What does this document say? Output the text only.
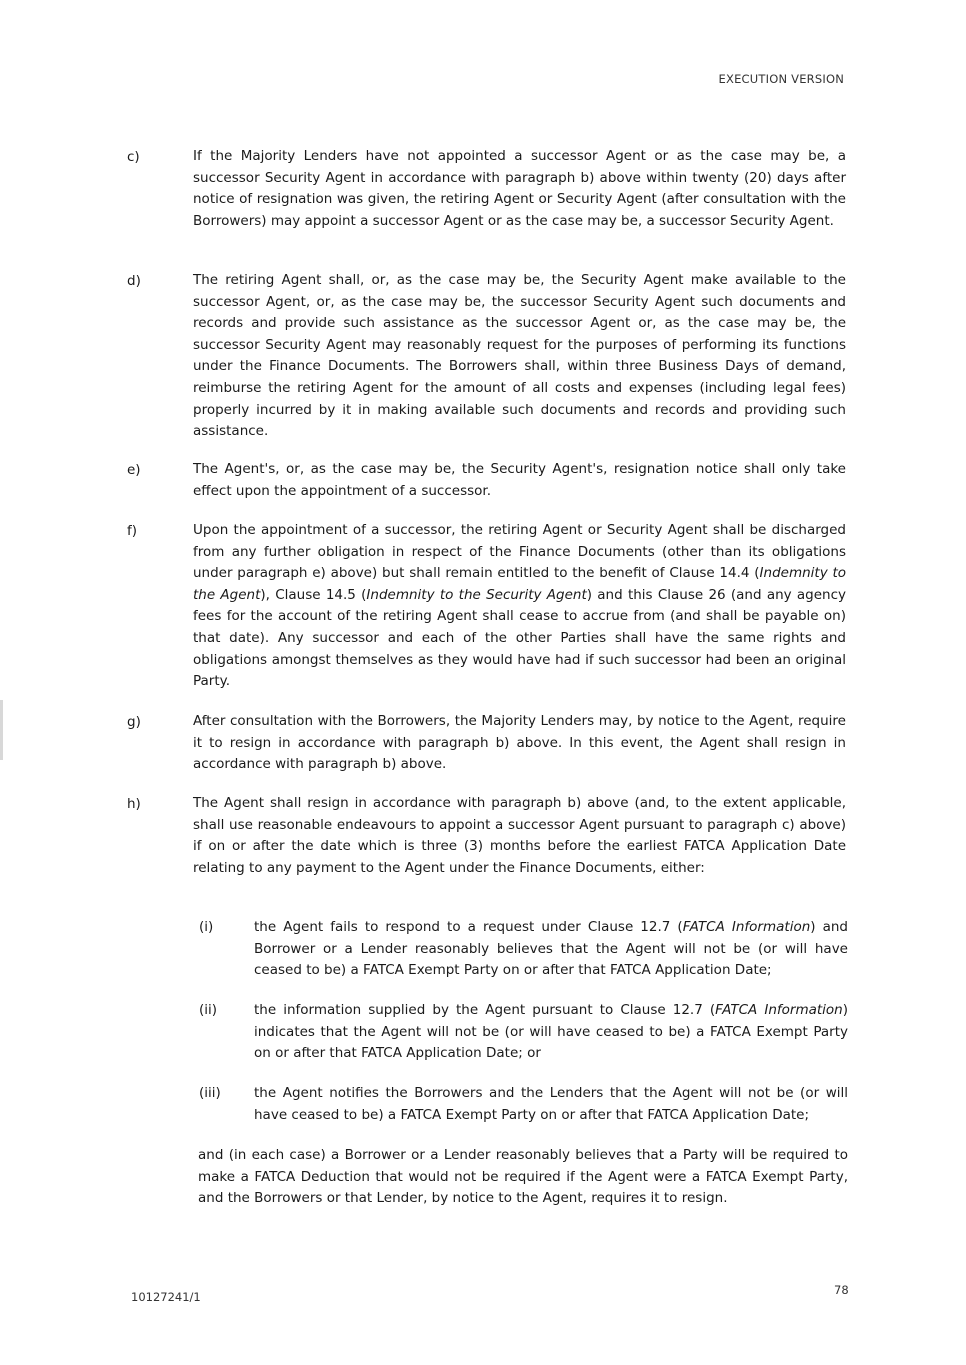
EXECUTION VERSION
c)	If the Majority Lenders have not appointed a successor Agent or as the case may be, a successor Security Agent in accordance with paragraph b) above within twenty (20) days after notice of resignation was given, the retiring Agent or Security Agent (after consultation with the Borrowers) may appoint a successor Agent or as the case may be, a successor Security Agent.
d)	The retiring Agent shall, or, as the case may be, the Security Agent make available to the successor Agent, or, as the case may be, the successor Security Agent such documents and records and provide such assistance as the successor Agent or, as the case may be, the successor Security Agent may reasonably request for the purposes of performing its functions under the Finance Documents. The Borrowers shall, within three Business Days of demand, reimburse the retiring Agent for the amount of all costs and expenses (including legal fees) properly incurred by it in making available such documents and records and providing such assistance.
e)	The Agent's, or, as the case may be, the Security Agent's, resignation notice shall only take effect upon the appointment of a successor.
f)	Upon the appointment of a successor, the retiring Agent or Security Agent shall be discharged from any further obligation in respect of the Finance Documents (other than its obligations under paragraph e) above) but shall remain entitled to the benefit of Clause 14.4 (Indemnity to the Agent), Clause 14.5 (Indemnity to the Security Agent) and this Clause 26 (and any agency fees for the account of the retiring Agent shall cease to accrue from (and shall be payable on) that date). Any successor and each of the other Parties shall have the same rights and obligations amongst themselves as they would have had if such successor had been an original Party.
g)	After consultation with the Borrowers, the Majority Lenders may, by notice to the Agent, require it to resign in accordance with paragraph b) above. In this event, the Agent shall resign in accordance with paragraph b) above.
h)	The Agent shall resign in accordance with paragraph b) above (and, to the extent applicable, shall use reasonable endeavours to appoint a successor Agent pursuant to paragraph c) above) if on or after the date which is three (3) months before the earliest FATCA Application Date relating to any payment to the Agent under the Finance Documents, either:
(i)	the Agent fails to respond to a request under Clause 12.7 (FATCA Information) and Borrower or a Lender reasonably believes that the Agent will not be (or will have ceased to be) a FATCA Exempt Party on or after that FATCA Application Date;
(ii)	the information supplied by the Agent pursuant to Clause 12.7 (FATCA Information) indicates that the Agent will not be (or will have ceased to be) a FATCA Exempt Party on or after that FATCA Application Date; or
(iii) the Agent notifies the Borrowers and the Lenders that the Agent will not be (or will have ceased to be) a FATCA Exempt Party on or after that FATCA Application Date;
and (in each case) a Borrower or a Lender reasonably believes that a Party will be required to make a FATCA Deduction that would not be required if the Agent were a FATCA Exempt Party, and the Borrowers or that Lender, by notice to the Agent, requires it to resign.
10127241/1	78
